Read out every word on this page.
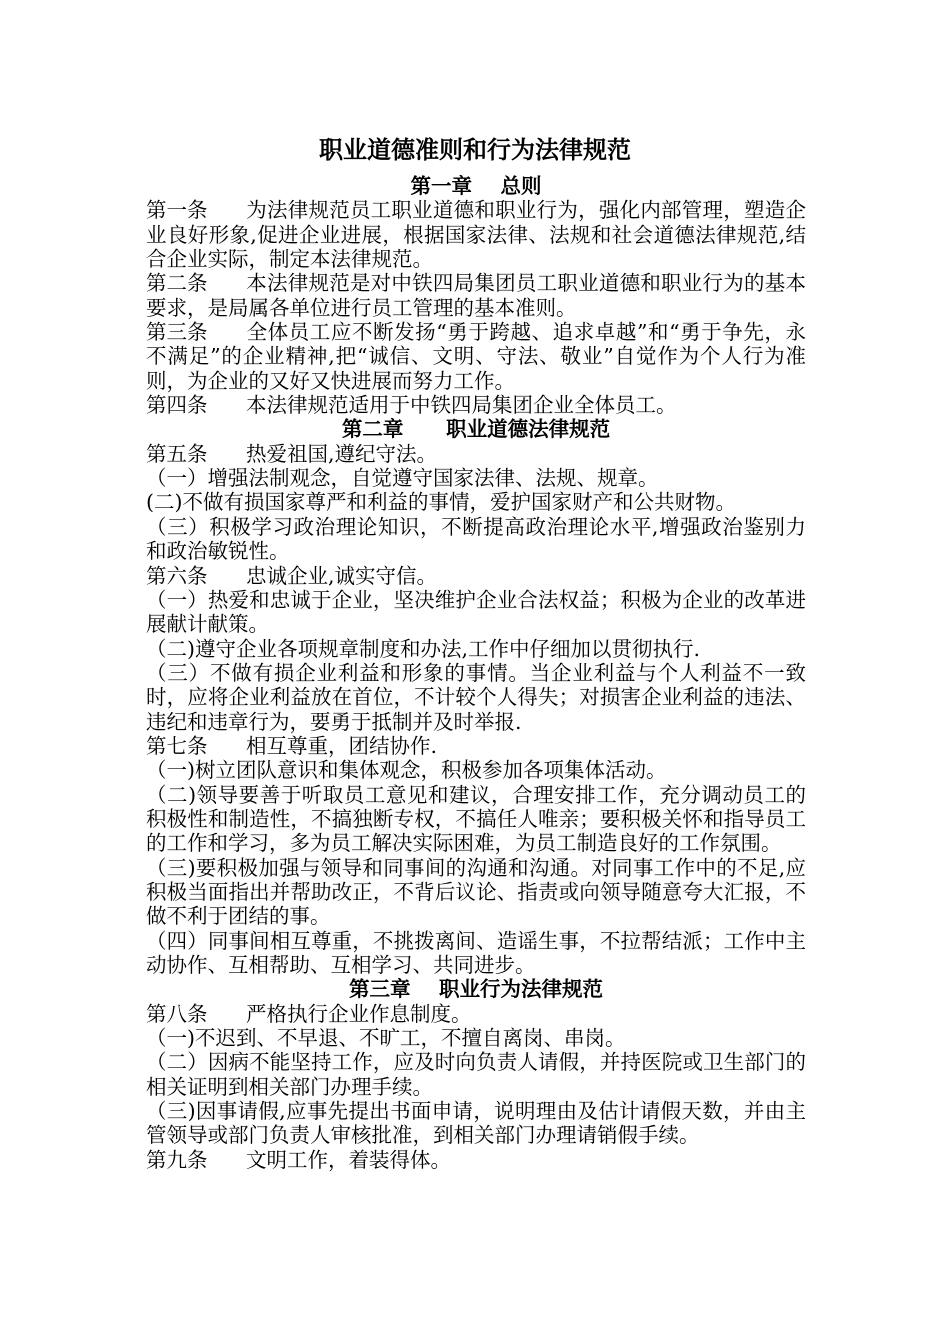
职业道德准则和行为法律规范
第一章    总则

第一条 为法律规范员工职业道德和职业行为，强化内部管理，塑造企业良好形象,促进企业进展，根据国家法律、法规和社会道德法律规范,结合企业实际，制定本法律规范。

第二条 本法律规范是对中铁四局集团员工职业道德和职业行为的基本要求，是局属各单位进行员工管理的基本准则。

第三条 全体员工应不断发扬“勇于跨越、追求卓越”和“勇于争先，永不满足”的企业精神,把“诚信、文明、守法、敬业”自觉作为个人行为准则，为企业的又好又快进展而努力工作。

第四条 本法律规范适用于中铁四局集团企业全体员工。

第二章      职业道德法律规范

第五条 热爱祖国,遵纪守法。

（一）增强法制观念，自觉遵守国家法律、法规、规章。

(二)不做有损国家尊严和利益的事情，爱护国家财产和公共财物。

（三）积极学习政治理论知识，不断提高政治理论水平,增强政治鉴别力和政治敏锐性。

第六条 忠诚企业,诚实守信。

（一）热爱和忠诚于企业，坚决维护企业合法权益；积极为企业的改革进展献计献策。

（二)遵守企业各项规章制度和办法,工作中仔细加以贯彻执行.

（三）不做有损企业利益和形象的事情。当企业利益与个人利益不一致时，应将企业利益放在首位，不计较个人得失；对损害企业利益的违法、违纪和违章行为，要勇于抵制并及时举报.

第七条 相互尊重，团结协作.

（一)树立团队意识和集体观念，积极参加各项集体活动。

（二)领导要善于听取员工意见和建议，合理安排工作，充分调动员工的积极性和制造性，不搞独断专权，不搞任人唯亲；要积极关怀和指导员工的工作和学习，多为员工解决实际困难，为员工制造良好的工作氛围。

（三)要积极加强与领导和同事间的沟通和沟通。对同事工作中的不足,应积极当面指出并帮助改正，不背后议论、指责或向领导随意夸大汇报，不做不利于团结的事。

（四）同事间相互尊重，不挑拨离间、造谣生事，不拉帮结派；工作中主动协作、互相帮助、互相学习、共同进步。

第三章    职业行为法律规范

第八条 严格执行企业作息制度。

（一)不迟到、不早退、不旷工，不擅自离岗、串岗。

（二）因病不能坚持工作，应及时向负责人请假，并持医院或卫生部门的相关证明到相关部门办理手续。

（三)因事请假,应事先提出书面申请，说明理由及估计请假天数，并由主管领导或部门负责人审核批准，到相关部门办理请销假手续。

第九条 文明工作，着装得体。
